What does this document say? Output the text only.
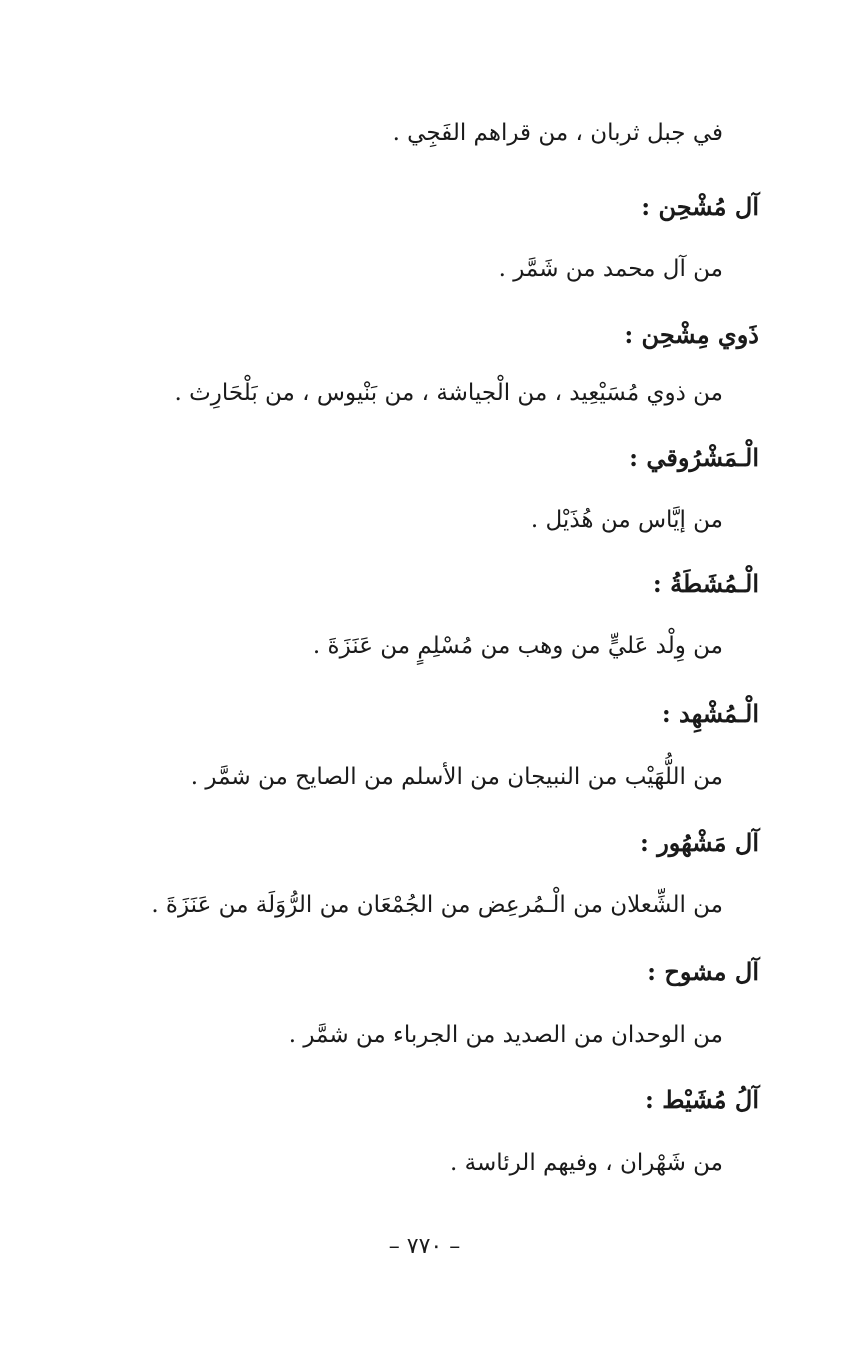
في جبل ثربان ، من قراهم الفَجِي .
آل مُشْحِن :
من آل محمد من شَمَّر .
ذَوي مِشْحِن :
من ذوي مُسَيْعِيد ، من الْجياشة ، من بَنْيوس ، من بَلْحَارِث .
الْـمَشْرُوقي :
من إيَّاس من هُذَيْل .
الْـمُشَطَةُ :
من وِلْد عَليٍّ من وهب من مُسْلِمٍ من عَنَزَةَ .
الْـمُشْهِد :
من اللُّهَيْب من النبيجان من الأسلم من الصايح من شمَّر .
آل مَشْهُور :
من الشِّعلان من الْـمُرعِض من الجُمْعَان من الرُّوَلَة من عَنَزَةَ .
آل مشوح :
من الوحدان من الصديد من الجرباء من شمَّر .
آلُ مُشَيْط :
من شَهْران ، وفيهم الرئاسة .
– ٧٧٠ –
